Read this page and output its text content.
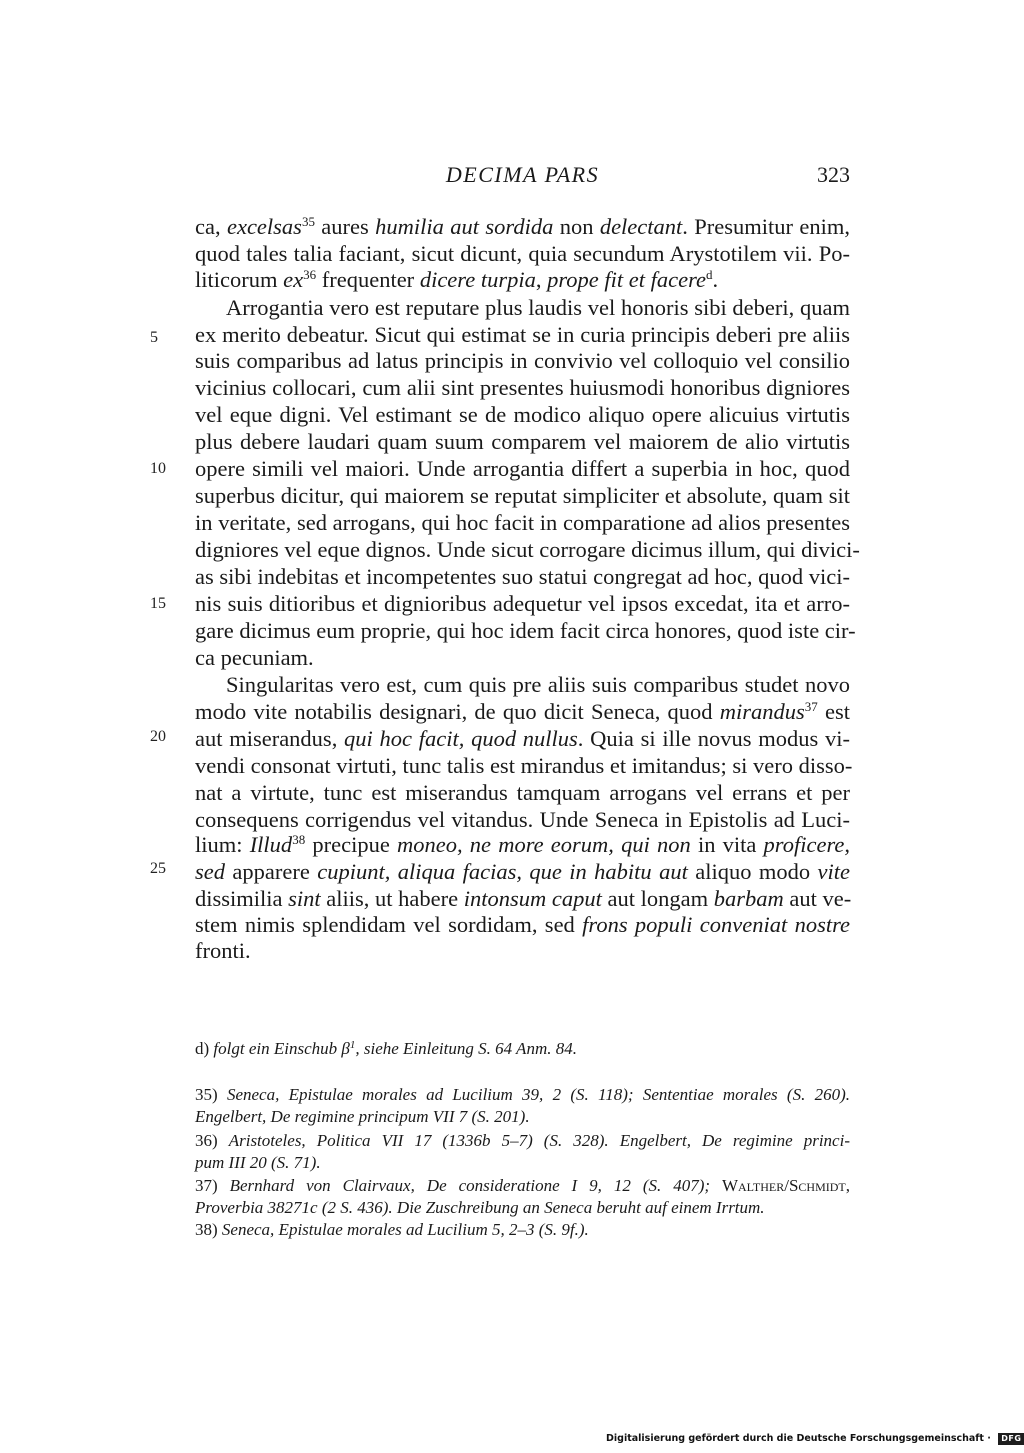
DECIMA PARS	323
5
10
15
20
25
ca, excelsas$^{35}$ aures humilia aut sordida non delectant. Presumitur enim,
quod tales talia faciant, sicut dicunt, quia secundum Arystotilem vii. Po-
liticorum $ex^{36}$ frequenter dicere turpia, prope fit et facere$^d$.
Arrogantia vero est reputare plus laudis vel honoris sibi deberi, quam
ex merito debeatur. Sicut qui estimat se in curia principis deberi pre aliis
suis comparibus ad latus principis in convivio vel colloquio vel consilio
vicinius collocari, cum alii sint presentes huiusmodi honoribus digniores
vel eque digni. Vel estimant se de modico aliquo opere alicuius virtutis
plus debere laudari quam suum comparem vel maiorem de alio virtutis
opere simili vel maiori. Unde arrogantia differt a superbia in hoc, quod
superbus dicitur, qui maiorem se reputat simpliciter et absolute, quam sit
in veritate, sed arrogans, qui hoc facit in comparatione ad alios presentes
digniores vel eque dignos. Unde sicut corrogare dicimus illum, qui divici-
as sibi indebitas et incompetentes suo statui congregat ad hoc, quod vici-
nis suis ditioribus et dignioribus adequetur vel ipsos excedat, ita et arro-
gare dicimus eum proprie, qui hoc idem facit circa honores, quod iste cir-
ca pecuniam.
Singularitas vero est, cum quis pre aliis suis comparibus studet novo
modo vite notabilis designari, de quo dicit Seneca, quod mirandus$^{37}$ est
aut miserandus, qui hoc facit, quod nullus. Quia si ille novus modus vi-
vendi consonat virtuti, tunc talis est mirandus et imitandus; si vero disso-
nat a virtute, tunc est miserandus tamquam arrogans vel errans et per
consequens corrigendus vel vitandus. Unde Seneca in Epistolis ad Luci-
lium: Illud$^{38}$ precipue moneo, ne more eorum, qui non in vita proficere,
sed apparere cupiunt, aliqua facias, que in habitu aut aliquo modo vite
dissimilia sint aliis, ut habere intonsum caput aut longam barbam aut ve-
stem nimis splendidam vel sordidam, sed frons populi conveniat nostre
fronti.
d) folgt ein Einschub $\beta^1$, siehe Einleitung S. 64 Anm. 84.
35) Seneca, Epistulae morales ad Lucilium 39, 2 (S. 118); Sententiae morales (S. 260).
Engelbert, De regimine principum VII 7 (S. 201).
36) Aristoteles, Politica VII 17 (1336b 5–7) (S. 328). Engelbert, De regimine princi-
pum III 20 (S. 71).
37) Bernhard von Clairvaux, De consideratione I 9, 12 (S. 407); Walther/Schmidt,
Proverbia 38271c (2 S. 436). Die Zuschreibung an Seneca beruht auf einem Irrtum.
38) Seneca, Epistulae morales ad Lucilium 5, 2–3 (S. 9f.).
Digitalisierung gefördert durch die Deutsche Forschungsgemeinschaft · DFG
